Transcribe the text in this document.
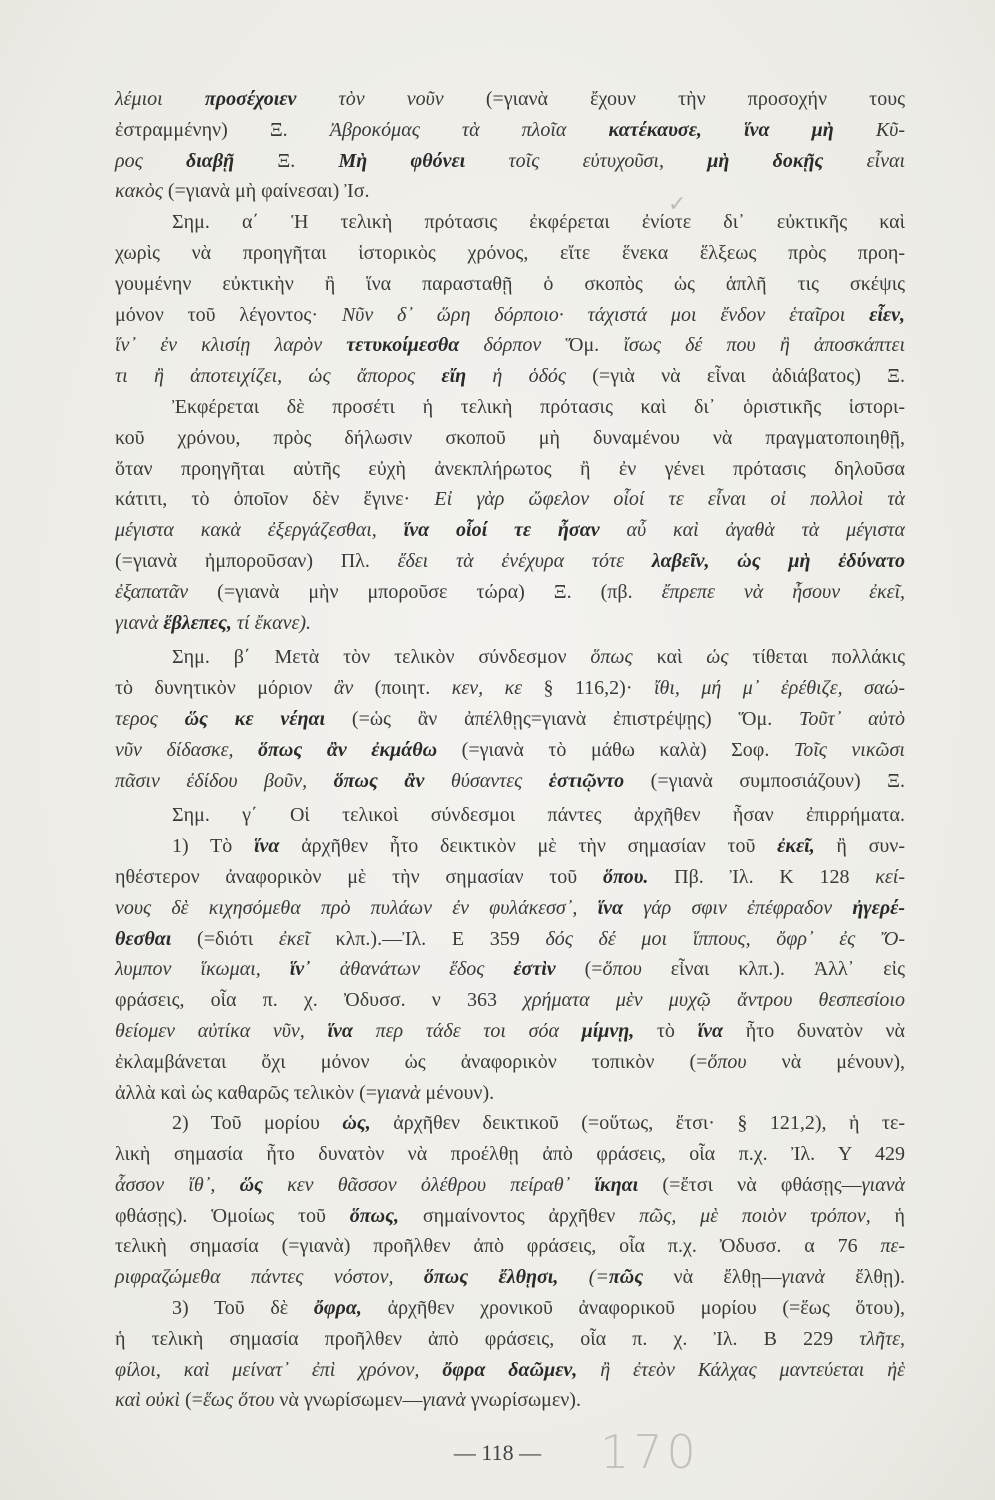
λέμιοι προσέχοιεν τὸν νοῦν (=γιανὰ ἔχουν τὴν προσοχήν τους
ἐστραμμένην) Ξ. Ἀβροκόμας τὰ πλοῖα κατέκαυσε, ἵνα μὴ Κῦ-
ρος διαβῇ Ξ. Μὴ φθόνει τοῖς εὐτυχοῦσι, μὴ δοκῇς εἶναι
κακὸς (=γιανὰ μὴ φαίνεσαι) Ἰσ.
Σημ. α΄ Ἡ τελικὴ πρότασις ἐκφέρεται ἐνίοτε δι᾽ εὐκτικῆς καὶ
χωρὶς νὰ προηγῆται ἱστορικὸς χρόνος, εἴτε ἕνεκα ἕλξεως πρὸς προη-
γουμένην εὐκτικὴν ἢ ἵνα παρασταθῇ ὁ σκοπὸς ὡς ἁπλῆ τις σκέψις
μόνον τοῦ λέγοντος· Νῦν δ᾽ ὥρη δόρποιο· τάχιστά μοι ἔνδον ἑταῖροι εἶεν,
ἵν᾽ ἐν κλισίῃ λαρὸν τετυκοίμεσθα δόρπον Ὅμ. ἴσως δέ που ἢ ἀποσκάπτει
τι ἢ ἀποτειχίζει, ὡς ἄπορος εἴη ἡ ὁδός (=γιὰ νὰ εἶναι ἀδιάβατος) Ξ.
Ἐκφέρεται δὲ προσέτι ἡ τελικὴ πρότασις καὶ δι᾽ ὁριστικῆς ἱστορι-
κοῦ χρόνου, πρὸς δήλωσιν σκοποῦ μὴ δυναμένου νὰ πραγματοποιηθῇ,
ὅταν προηγῆται αὐτῆς εὐχὴ ἀνεκπλήρωτος ἢ ἐν γένει πρότασις δηλοῦσα
κάτιτι, τὸ ὁποῖον δὲν ἔγινε· Εἰ γὰρ ὤφελον οἷοί τε εἶναι οἱ πολλοὶ τὰ
μέγιστα κακὰ ἐξεργάζεσθαι, ἵνα οἷοί τε ἦσαν αὖ καὶ ἀγαθὰ τὰ μέγιστα
(=γιανὰ ἠμποροῦσαν) Πλ. ἔδει τὰ ἐνέχυρα τότε λαβεῖν, ὡς μὴ ἐδύνατο
ἐξαπατᾶν (=γιανὰ μὴν μποροῦσε τώρα) Ξ. (πβ. ἔπρεπε νὰ ἦσουν ἐκεῖ,
γιανὰ ἔβλεπες, τί ἔκανε).
Σημ. β΄ Μετὰ τὸν τελικὸν σύνδεσμον ὅπως καὶ ὡς τίθεται πολλάκις
τὸ δυνητικὸν μόριον ἂν (ποιητ. κεν, κε § 116,2)· ἴθι, μή μ᾽ ἐρέθιζε, σαώ-
τερος ὥς κε νέηαι (=ὡς ἂν ἀπέλθῃς=γιανὰ ἐπιστρέψῃς) Ὅμ. Τοῦτ᾽ αὐτὸ
νῦν δίδασκε, ὅπως ἂν ἐκμάθω (=γιανὰ τὸ μάθω καλὰ) Σοφ. Τοῖς νικῶσι
πᾶσιν ἐδίδου βοῦν, ὅπως ἂν θύσαντες ἑστιῷντο (=γιανὰ συμποσιάζουν) Ξ.
Σημ. γ΄ Οἱ τελικοὶ σύνδεσμοι πάντες ἀρχῆθεν ἦσαν ἐπιρρήματα.
1) Τὸ ἵνα ἀρχῆθεν ἦτο δεικτικὸν μὲ τὴν σημασίαν τοῦ ἐκεῖ, ἢ συν-
ηθέστερον ἀναφορικὸν μὲ τὴν σημασίαν τοῦ ὅπου. Πβ. Ἰλ. Κ 128 κεί-
νους δὲ κιχησόμεθα πρὸ πυλάων ἐν φυλάκεσσ᾽, ἵνα γάρ σφιν ἐπέφραδον ἠγερέ-
θεσθαι (=διότι ἐκεῖ κλπ.).—Ἰλ. Ε 359 δός δέ μοι ἵππους, ὄφρ᾽ ἐς Ὄ-
λυμπον ἵκωμαι, ἵν᾽ ἀθανάτων ἕδος ἐστὶν (=ὅπου εἶναι κλπ.). Ἀλλ᾽ εἰς
φράσεις, οἷα π. χ. Ὀδυσσ. ν 363 χρήματα μὲν μυχῷ ἄντρου θεσπεσίοιο
θείομεν αὐτίκα νῦν, ἵνα περ τάδε τοι σόα μίμνῃ, τὸ ἵνα ἦτο δυνατὸν νὰ
ἐκλαμβάνεται ὄχι μόνον ὡς ἀναφορικὸν τοπικὸν (=ὅπου νὰ μένουν),
ἀλλὰ καὶ ὡς καθαρῶς τελικὸν (=γιανὰ μένουν).
2) Τοῦ μορίου ὡς, ἀρχῆθεν δεικτικοῦ (=οὕτως, ἔτσι· § 121,2), ἡ τε-
λικὴ σημασία ἦτο δυνατὸν νὰ προέλθῃ ἀπὸ φράσεις, οἷα π.χ. Ἰλ. Υ 429
ἆσσον ἴθ᾽, ὥς κεν θᾶσσον ὀλέθρου πείραθ᾽ ἵκηαι (=ἔτσι νὰ φθάσῃς—γιανὰ
φθάσῃς). Ὁμοίως τοῦ ὅπως, σημαίνοντος ἀρχῆθεν πῶς, μὲ ποιὸν τρόπον, ἡ
τελικὴ σημασία (=γιανὰ) προῆλθεν ἀπὸ φράσεις, οἷα π.χ. Ὀδυσσ. α 76 πε-
ριφραζώμεθα πάντες νόστον, ὅπως ἔλθῃσι, (=πῶς νὰ ἔλθῃ—γιανὰ ἔλθῃ).
3) Τοῦ δὲ ὄφρα, ἀρχῆθεν χρονικοῦ ἀναφορικοῦ μορίου (=ἕως ὅτου),
ἡ τελικὴ σημασία προῆλθεν ἀπὸ φράσεις, οἷα π. χ. Ἰλ. Β 229 τλῆτε,
φίλοι, καὶ μείνατ᾽ ἐπὶ χρόνον, ὄφρα δαῶμεν, ἢ ἐτεὸν Κάλχας μαντεύεται ἠὲ
καὶ οὐκὶ (=ἕως ὅτου νὰ γνωρίσωμεν—γιανὰ γνωρίσωμεν).
✓
— 118 —	170
